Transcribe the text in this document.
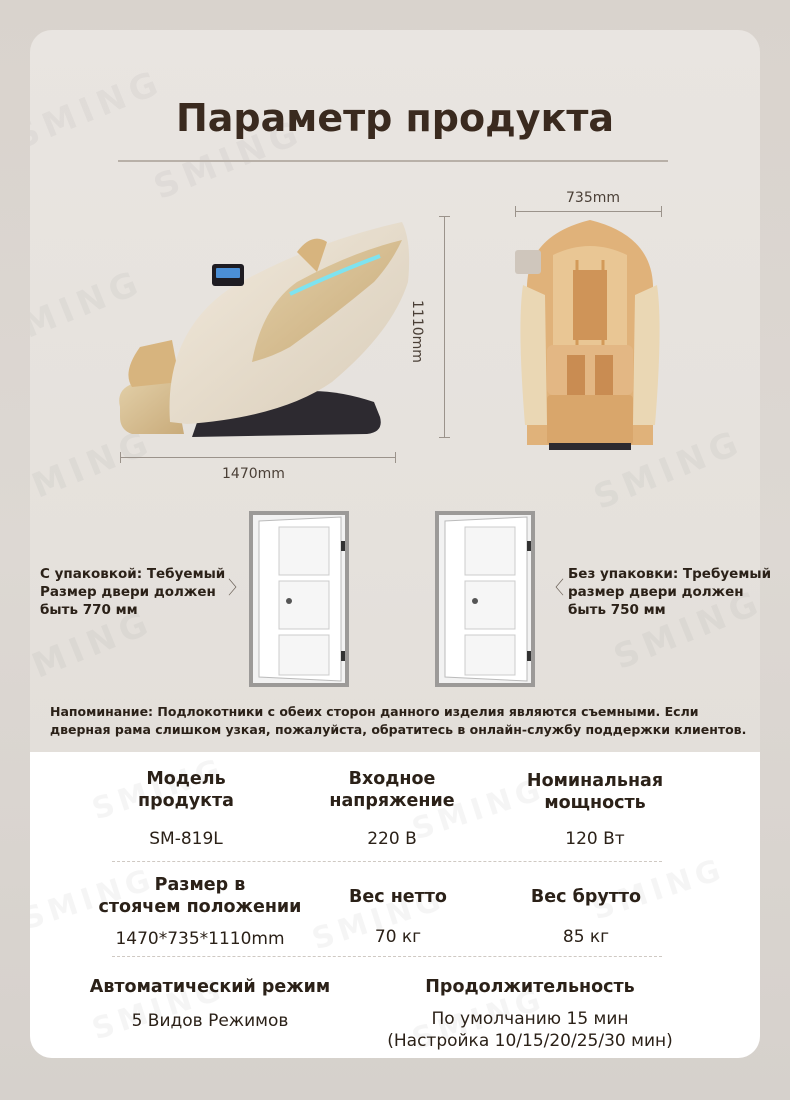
Параметр продукта
1110mm
1470mm
735mm
С упаковкой: Тебуемый Размер двери должен быть 770 мм
〉	〈
Без упаковки: Требуемый размер двери должен быть 750 мм
Напоминание: Подлокотники с обеих сторон данного изделия являются съемными. Если дверная рама слишком узкая, пожалуйста, обратитесь в онлайн-службу поддержки клиентов.
Модель
продукта
SM-819L
Входное
напряжение
220 В
Номинальная
мощность
120 Вт
Размер в
стоячем положении
1470*735*1110mm
Вес нетто
70 кг
Вес брутто
85 кг
Автоматический режим
5 Видов Режимов
Продолжительность
По умолчанию 15 мин
(Настройка 10/15/20/25/30 мин)
